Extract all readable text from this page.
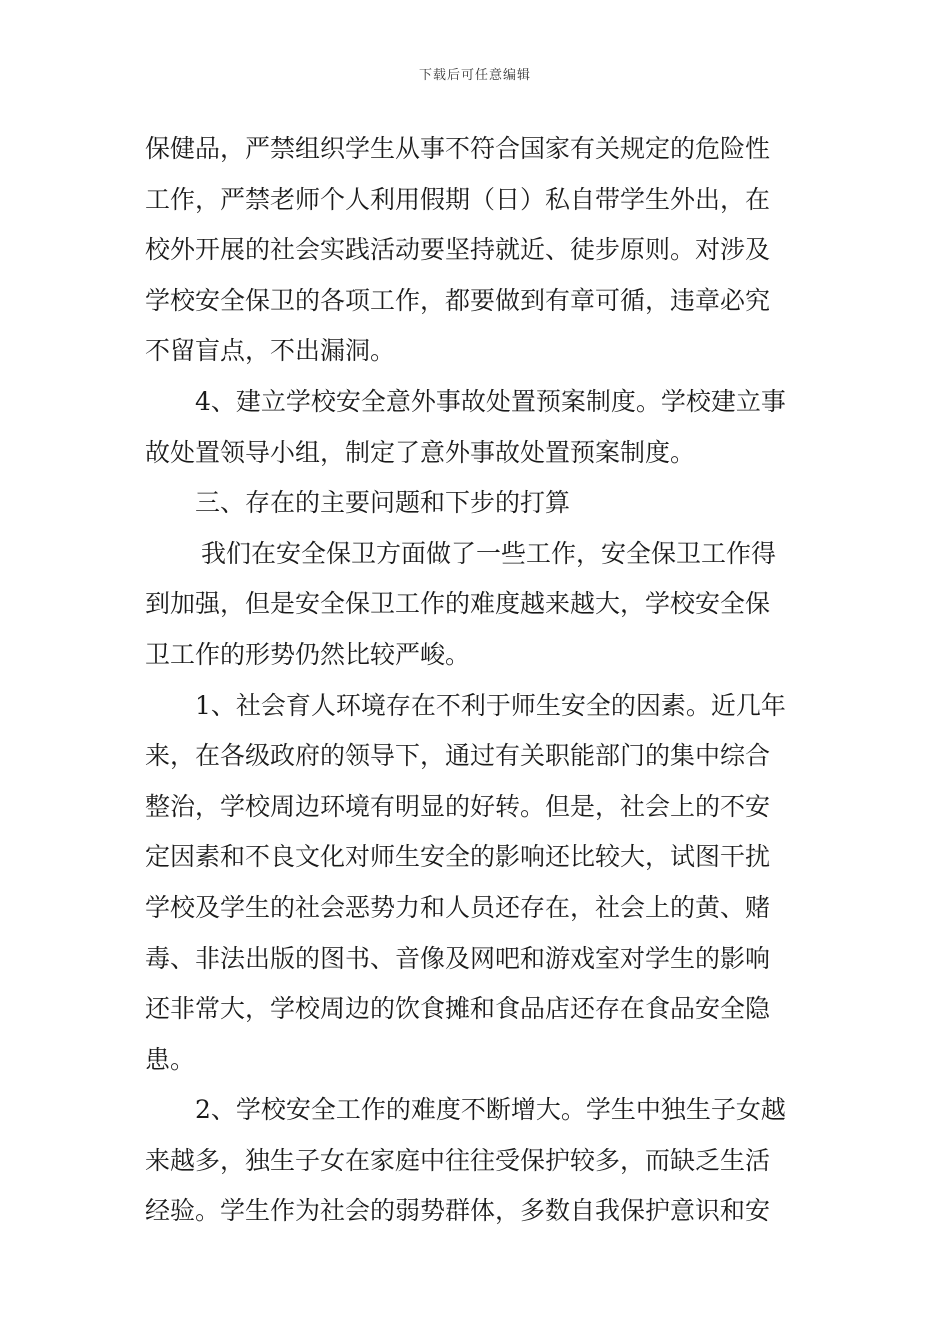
下载后可任意编辑
保健品，严禁组织学生从事不符合国家有关规定的危险性
工作，严禁老师个人利用假期（日）私自带学生外出，在
校外开展的社会实践活动要坚持就近、徒步原则。对涉及
学校安全保卫的各项工作，都要做到有章可循，违章必究
不留盲点，不出漏洞。
4、建立学校安全意外事故处置预案制度。学校建立事
故处置领导小组，制定了意外事故处置预案制度。
三、存在的主要问题和下步的打算
我们在安全保卫方面做了一些工作，安全保卫工作得
到加强，但是安全保卫工作的难度越来越大，学校安全保
卫工作的形势仍然比较严峻。
1、社会育人环境存在不利于师生安全的因素。近几年
来，在各级政府的领导下，通过有关职能部门的集中综合
整治，学校周边环境有明显的好转。但是，社会上的不安
定因素和不良文化对师生安全的影响还比较大，试图干扰
学校及学生的社会恶势力和人员还存在，社会上的黄、赌
毒、非法出版的图书、音像及网吧和游戏室对学生的影响
还非常大，学校周边的饮食摊和食品店还存在食品安全隐
患。
2、学校安全工作的难度不断增大。学生中独生子女越
来越多，独生子女在家庭中往往受保护较多，而缺乏生活
经验。学生作为社会的弱势群体，多数自我保护意识和安
